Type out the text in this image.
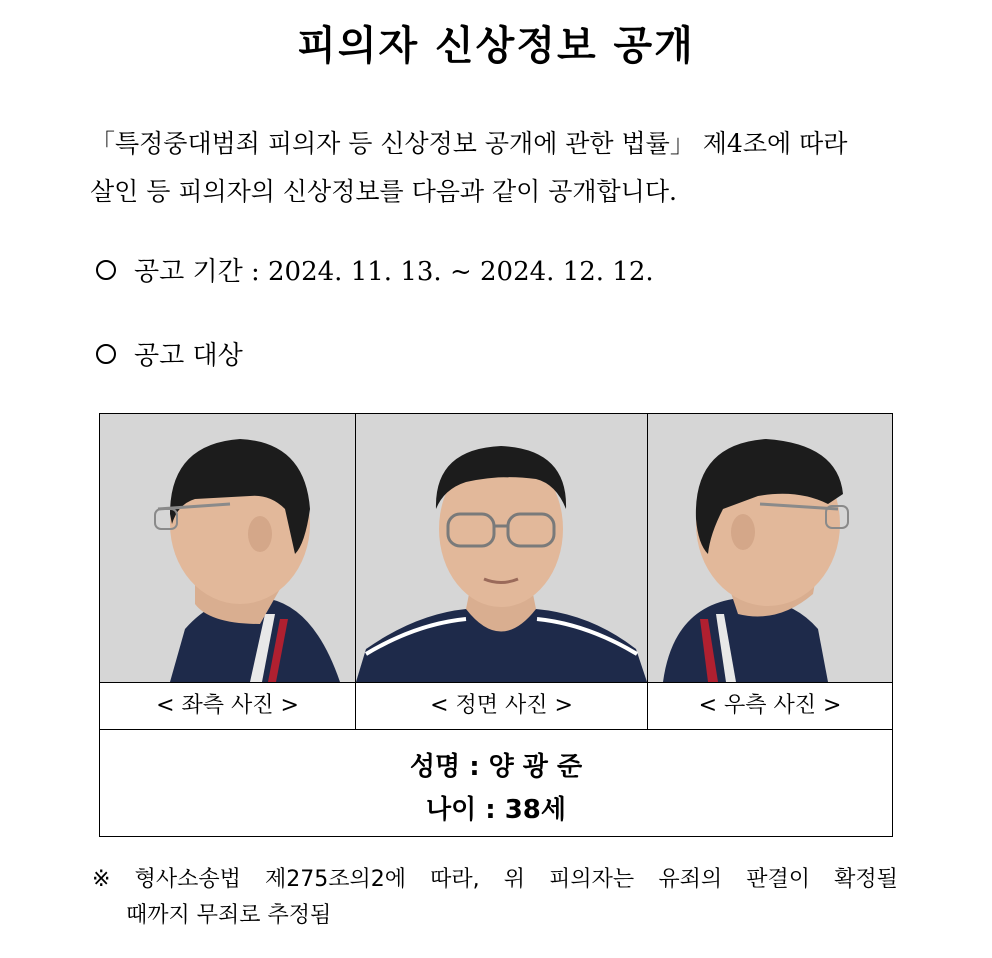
피의자 신상정보 공개
「특정중대범죄 피의자 등 신상정보 공개에 관한 법률」 제4조에 따라
살인 등 피의자의 신상정보를 다음과 같이 공개합니다.
공고 기간 : 2024. 11. 13. ~ 2024. 12. 12.
공고 대상
< 좌측 사진 >	< 정면 사진 >	< 우측 사진 >
성명 : 양 광 준
나이 : 38세
※ 형사소송법 제275조의2에 따라, 위 피의자는 유죄의 판결이 확정될
때까지 무죄로 추정됨
